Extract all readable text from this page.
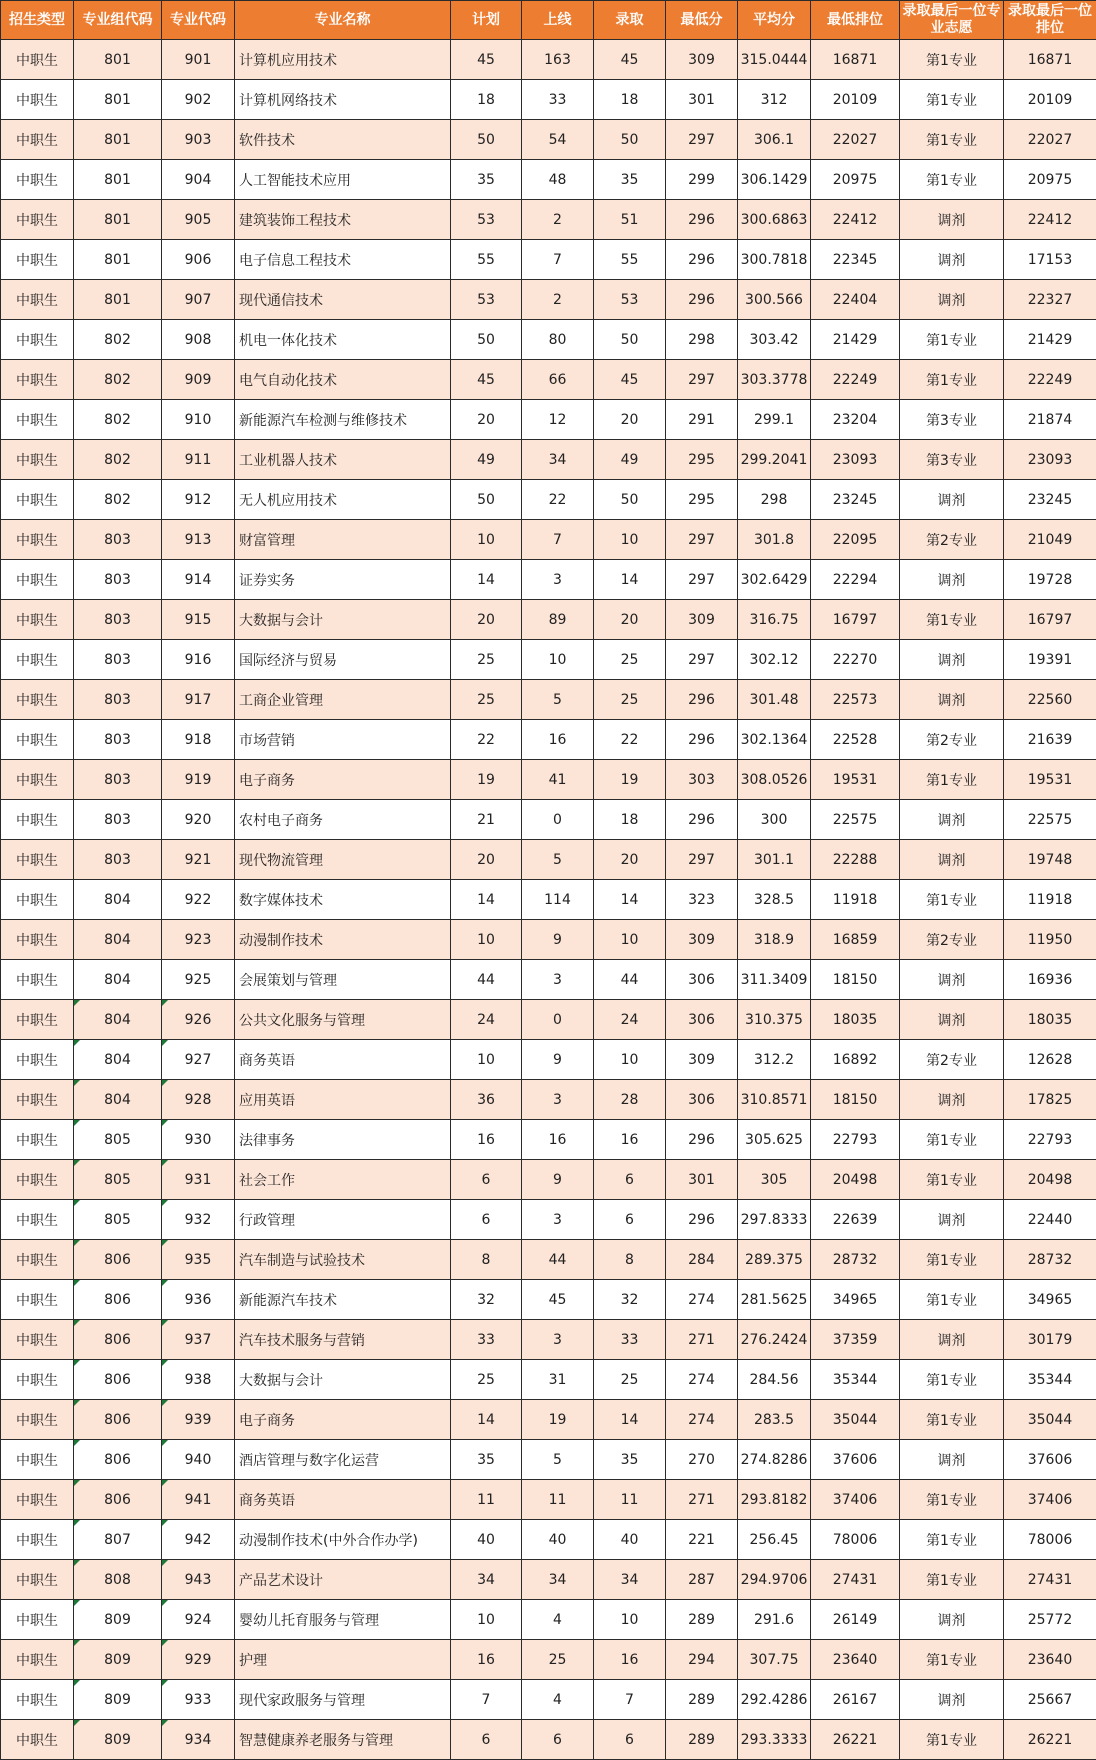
招生类型	专业组代码	专业代码	专业名称	计划	上线	录取	最低分	平均分	最低排位	录取最后一位专业志愿	录取最后一位排位
中职生	801	901	计算机应用技术	45	163	45	309	315.0444	16871	第1专业	16871
中职生	801	902	计算机网络技术	18	33	18	301	312	20109	第1专业	20109
中职生	801	903	软件技术	50	54	50	297	306.1	22027	第1专业	22027
中职生	801	904	人工智能技术应用	35	48	35	299	306.1429	20975	第1专业	20975
中职生	801	905	建筑装饰工程技术	53	2	51	296	300.6863	22412	调剂	22412
中职生	801	906	电子信息工程技术	55	7	55	296	300.7818	22345	调剂	17153
中职生	801	907	现代通信技术	53	2	53	296	300.566	22404	调剂	22327
中职生	802	908	机电一体化技术	50	80	50	298	303.42	21429	第1专业	21429
中职生	802	909	电气自动化技术	45	66	45	297	303.3778	22249	第1专业	22249
中职生	802	910	新能源汽车检测与维修技术	20	12	20	291	299.1	23204	第3专业	21874
中职生	802	911	工业机器人技术	49	34	49	295	299.2041	23093	第3专业	23093
中职生	802	912	无人机应用技术	50	22	50	295	298	23245	调剂	23245
中职生	803	913	财富管理	10	7	10	297	301.8	22095	第2专业	21049
中职生	803	914	证券实务	14	3	14	297	302.6429	22294	调剂	19728
中职生	803	915	大数据与会计	20	89	20	309	316.75	16797	第1专业	16797
中职生	803	916	国际经济与贸易	25	10	25	297	302.12	22270	调剂	19391
中职生	803	917	工商企业管理	25	5	25	296	301.48	22573	调剂	22560
中职生	803	918	市场营销	22	16	22	296	302.1364	22528	第2专业	21639
中职生	803	919	电子商务	19	41	19	303	308.0526	19531	第1专业	19531
中职生	803	920	农村电子商务	21	0	18	296	300	22575	调剂	22575
中职生	803	921	现代物流管理	20	5	20	297	301.1	22288	调剂	19748
中职生	804	922	数字媒体技术	14	114	14	323	328.5	11918	第1专业	11918
中职生	804	923	动漫制作技术	10	9	10	309	318.9	16859	第2专业	11950
中职生	804	925	会展策划与管理	44	3	44	306	311.3409	18150	调剂	16936
中职生	804	926	公共文化服务与管理	24	0	24	306	310.375	18035	调剂	18035
中职生	804	927	商务英语	10	9	10	309	312.2	16892	第2专业	12628
中职生	804	928	应用英语	36	3	28	306	310.8571	18150	调剂	17825
中职生	805	930	法律事务	16	16	16	296	305.625	22793	第1专业	22793
中职生	805	931	社会工作	6	9	6	301	305	20498	第1专业	20498
中职生	805	932	行政管理	6	3	6	296	297.8333	22639	调剂	22440
中职生	806	935	汽车制造与试验技术	8	44	8	284	289.375	28732	第1专业	28732
中职生	806	936	新能源汽车技术	32	45	32	274	281.5625	34965	第1专业	34965
中职生	806	937	汽车技术服务与营销	33	3	33	271	276.2424	37359	调剂	30179
中职生	806	938	大数据与会计	25	31	25	274	284.56	35344	第1专业	35344
中职生	806	939	电子商务	14	19	14	274	283.5	35044	第1专业	35044
中职生	806	940	酒店管理与数字化运营	35	5	35	270	274.8286	37606	调剂	37606
中职生	806	941	商务英语	11	11	11	271	293.8182	37406	第1专业	37406
中职生	807	942	动漫制作技术(中外合作办学)	40	40	40	221	256.45	78006	第1专业	78006
中职生	808	943	产品艺术设计	34	34	34	287	294.9706	27431	第1专业	27431
中职生	809	924	婴幼儿托育服务与管理	10	4	10	289	291.6	26149	调剂	25772
中职生	809	929	护理	16	25	16	294	307.75	23640	第1专业	23640
中职生	809	933	现代家政服务与管理	7	4	7	289	292.4286	26167	调剂	25667
中职生	809	934	智慧健康养老服务与管理	6	6	6	289	293.3333	26221	第1专业	26221
